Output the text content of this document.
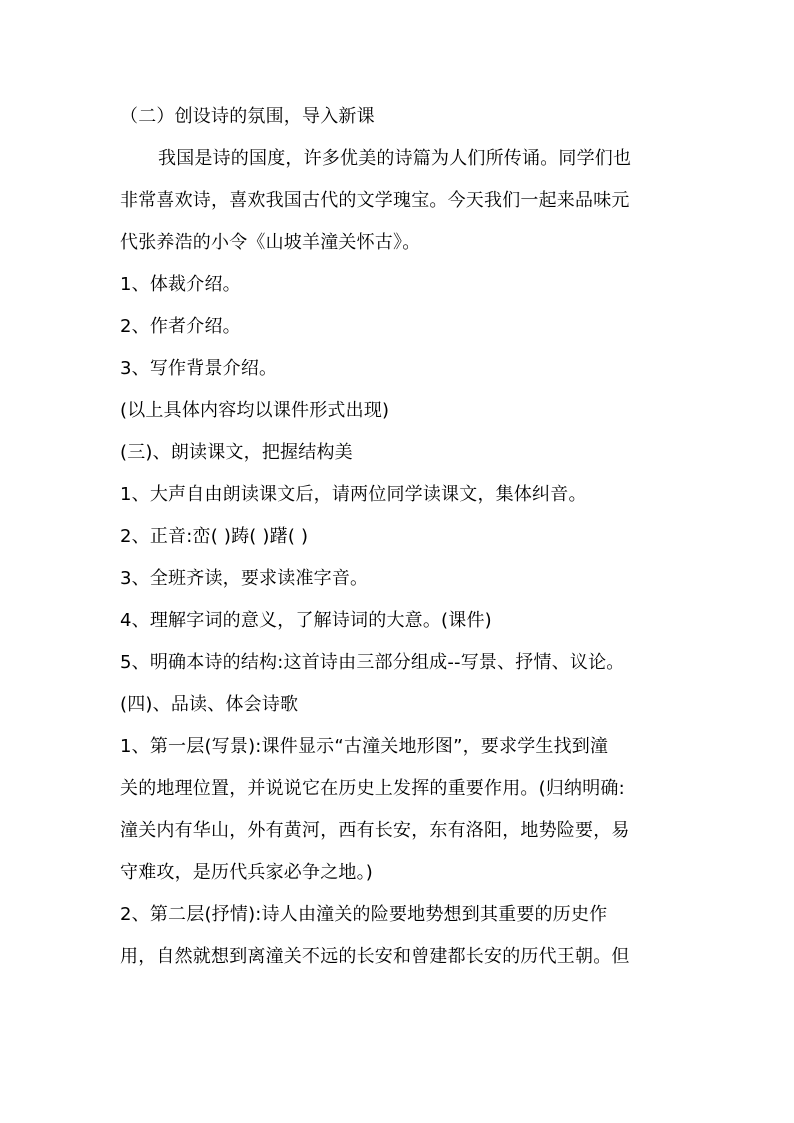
（二）创设诗的氛围，导入新课
我国是诗的国度，许多优美的诗篇为人们所传诵。同学们也
非常喜欢诗，喜欢我国古代的文学瑰宝。今天我们一起来品味元
代张养浩的小令《山坡羊潼关怀古》。
1、体裁介绍。
2、作者介绍。
3、写作背景介绍。
(以上具体内容均以课件形式出现)
(三)、朗读课文，把握结构美
1、大声自由朗读课文后，请两位同学读课文，集体纠音。
2、正音:峦( )踌( )躇( )
3、全班齐读，要求读准字音。
4、理解字词的意义，了解诗词的大意。(课件)
5、明确本诗的结构:这首诗由三部分组成--写景、抒情、议论。
(四)、品读、体会诗歌
1、第一层(写景):课件显示“古潼关地形图”，要求学生找到潼
关的地理位置，并说说它在历史上发挥的重要作用。(归纳明确:
潼关内有华山，外有黄河，西有长安，东有洛阳，地势险要，易
守难攻，是历代兵家必争之地。)
2、第二层(抒情):诗人由潼关的险要地势想到其重要的历史作
用，自然就想到离潼关不远的长安和曾建都长安的历代王朝。但
